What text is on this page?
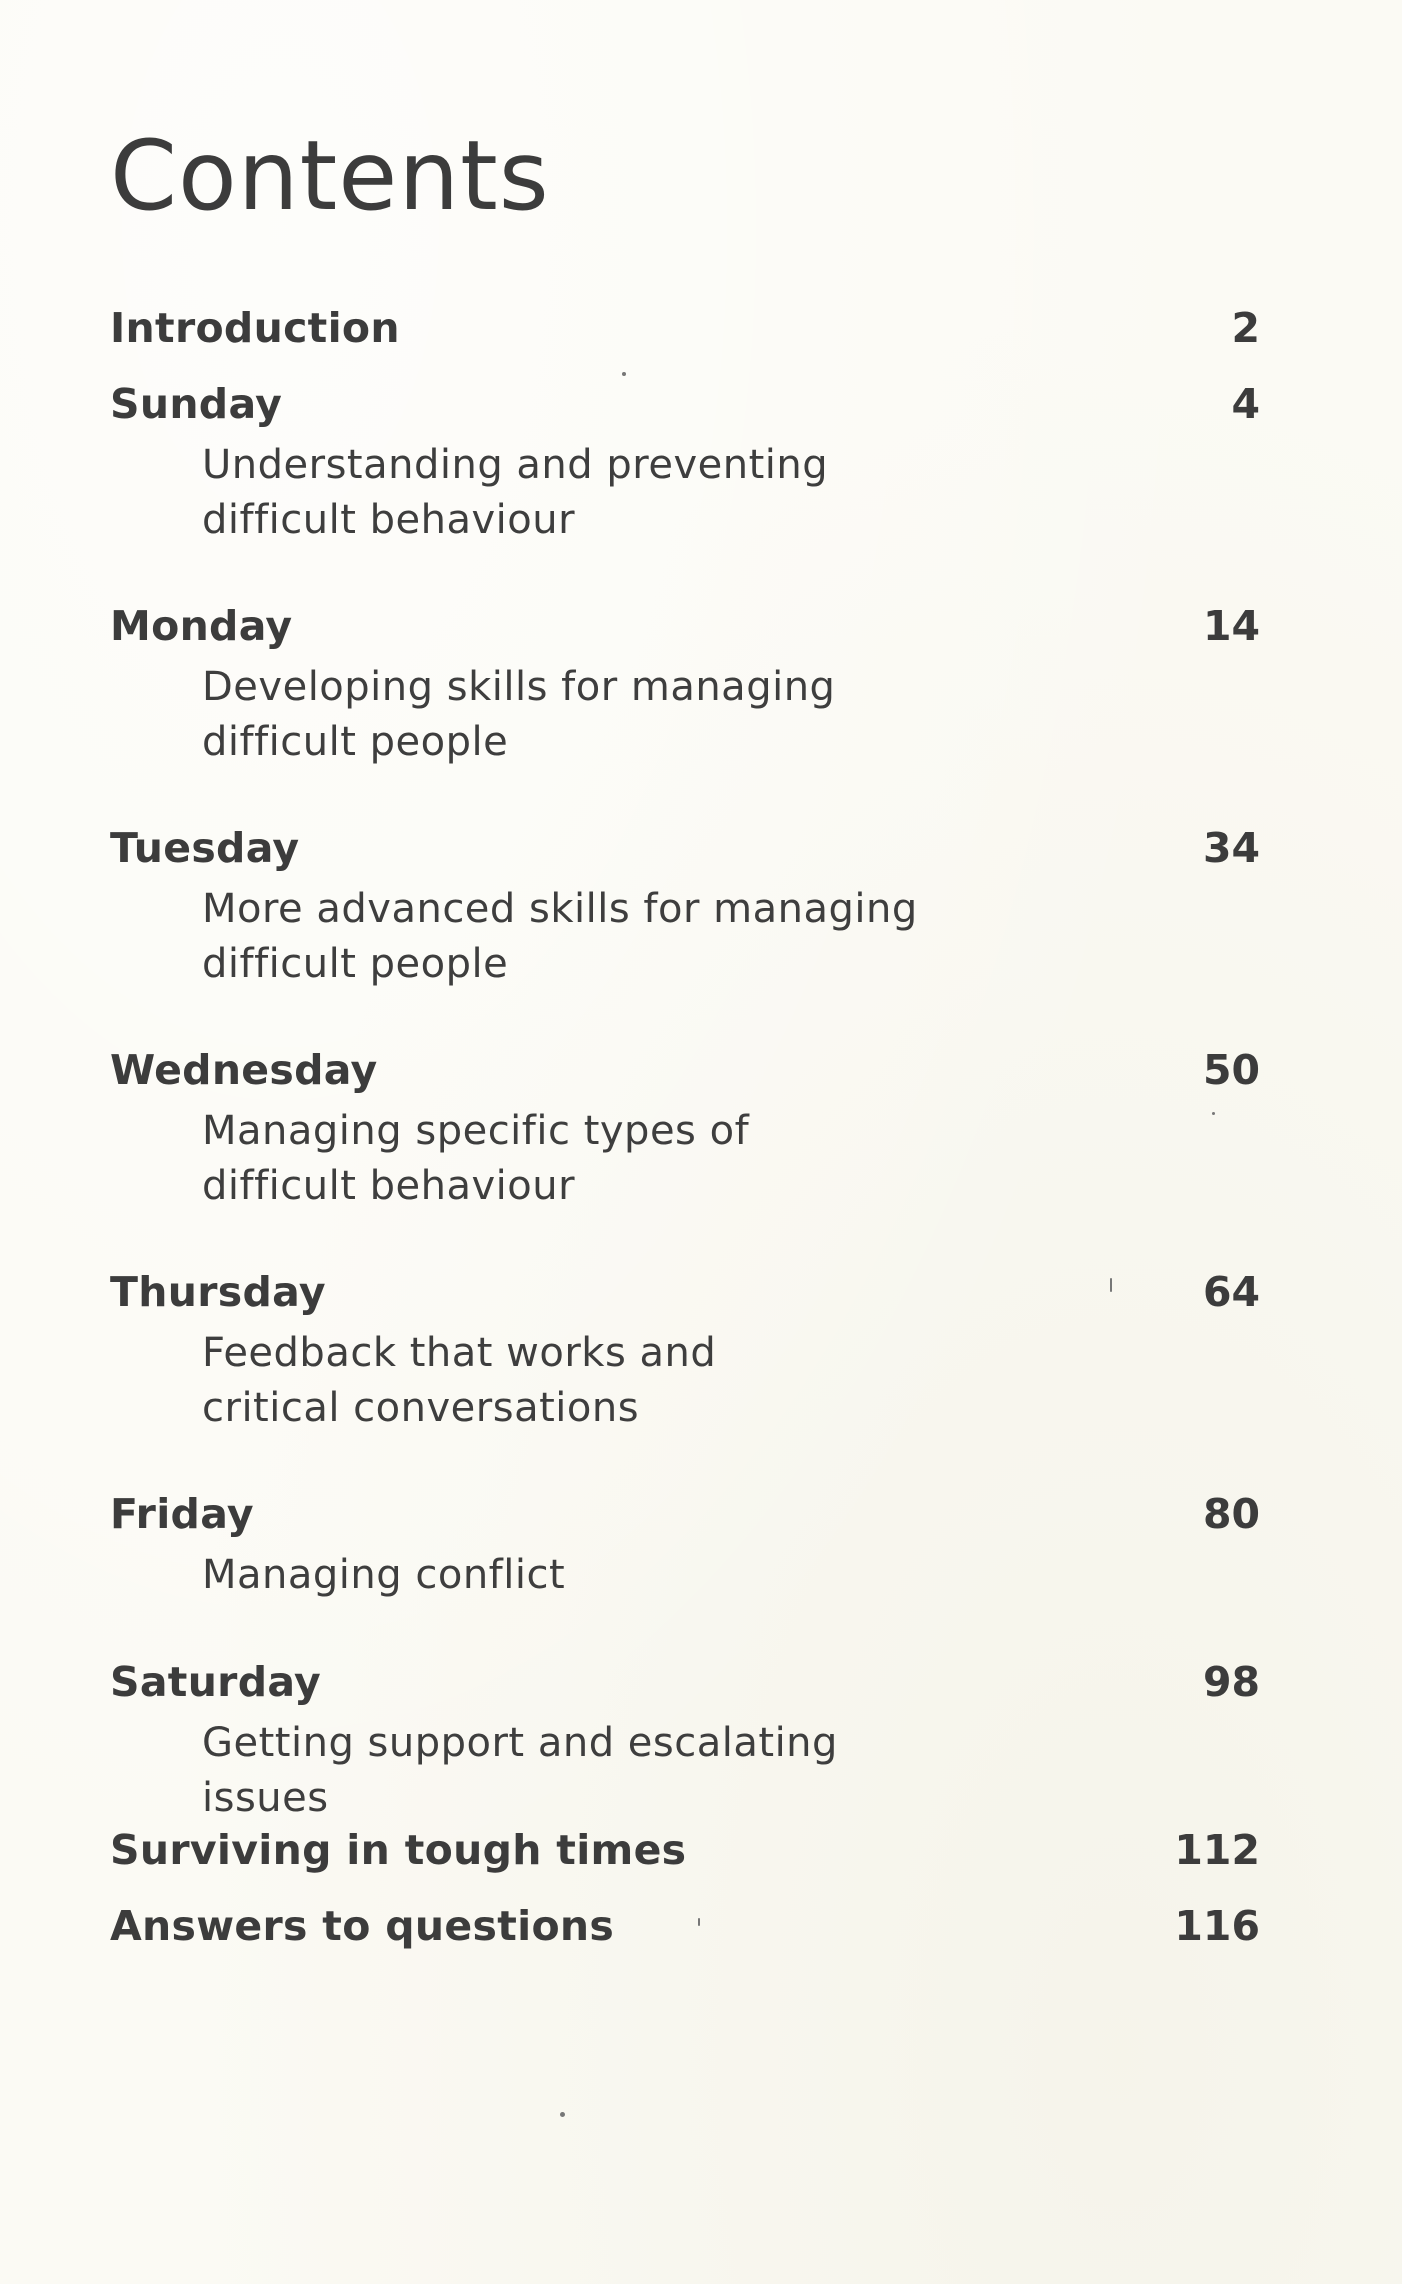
Contents
Introduction	2
Sunday	4
Understanding and preventing
difficult behaviour
Monday	14
Developing skills for managing
difficult people
Tuesday	34
More advanced skills for managing
difficult people
Wednesday	50
Managing specific types of
difficult behaviour
Thursday	64
Feedback that works and
critical conversations
Friday	80
Managing conflict
Saturday	98
Getting support and escalating issues
Surviving in tough times	112
Answers to questions	116
